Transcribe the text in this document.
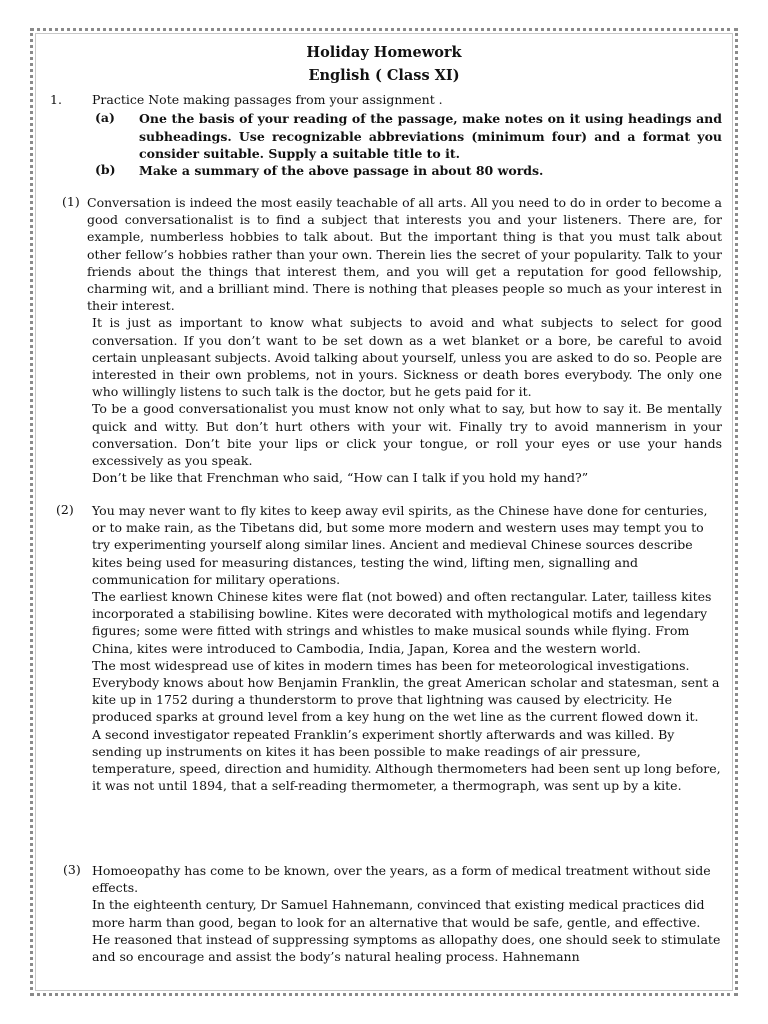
Holiday Homework
English ( Class XI)
1. Practice Note making passages from your assignment .
(a) One the basis of your reading of the passage, make notes on it using headings and subheadings. Use recognizable abbreviations (minimum four) and a format you consider suitable. Supply a suitable title to it.
(b) Make a summary of the above passage in about 80 words.
(1) Conversation is indeed the most easily teachable of all arts. All you need to do in order to become a good conversationalist is to find a subject that interests you and your listeners. There are, for example, numberless hobbies to talk about. But the important thing is that you must talk about other fellow’s hobbies rather than your own. Therein lies the secret of your popularity. Talk to your friends about the things that interest them, and you will get a reputation for good fellowship, charming wit, and a brilliant mind. There is nothing that pleases people so much as your interest in their interest.

It is just as important to know what subjects to avoid and what subjects to select for good conversation. If you don’t want to be set down as a wet blanket or a bore, be careful to avoid certain unpleasant subjects. Avoid talking about yourself, unless you are asked to do so. People are interested in their own problems, not in yours. Sickness or death bores everybody. The only one who willingly listens to such talk is the doctor, but he gets paid for it.

To be a good conversationalist you must know not only what to say, but how to say it. Be mentally quick and witty. But don’t hurt others with your wit. Finally try to avoid mannerism in your conversation. Don’t bite your lips or click your tongue, or roll your eyes or use your hands excessively as you speak.

Don’t be like that Frenchman who said, “How can I talk if you hold my hand?”

(2) You may never want to fly kites to keep away evil spirits, as the Chinese have done for centuries, or to make rain, as the Tibetans did, but some more modern and western uses may tempt you to try experimenting yourself along similar lines. Ancient and medieval Chinese sources describe kites being used for measuring distances, testing the wind, lifting men, signalling and communication for military operations.

The earliest known Chinese kites were flat (not bowed) and often rectangular. Later, tailless kites incorporated a stabilising bowline. Kites were decorated with mythological motifs and legendary figures; some were fitted with strings and whistles to make musical sounds while flying. From China, kites were introduced to Cambodia, India, Japan, Korea and the western world.

The most widespread use of kites in modern times has been for meteorological investigations. Everybody knows about how Benjamin Franklin, the great American scholar and statesman, sent a kite up in 1752 during a thunderstorm to prove that lightning was caused by electricity. He produced sparks at ground level from a key hung on the wet line as the current flowed down it.

A second investigator repeated Franklin’s experiment shortly afterwards and was killed. By sending up instruments on kites it has been possible to make readings of air pressure, temperature, speed, direction and humidity. Although thermometers had been sent up long before, it was not until 1894, that a self-reading thermometer, a thermograph, was sent up by a kite.

(3) Homoeopathy has come to be known, over the years, as a form of medical treatment without side effects.

In the eighteenth century, Dr Samuel Hahnemann, convinced that existing medical practices did more harm than good, began to look for an alternative that would be safe, gentle, and effective. He reasoned that instead of suppressing symptoms as allopathy does, one should seek to stimulate and so encourage and assist the body’s natural healing process. Hahnemann
